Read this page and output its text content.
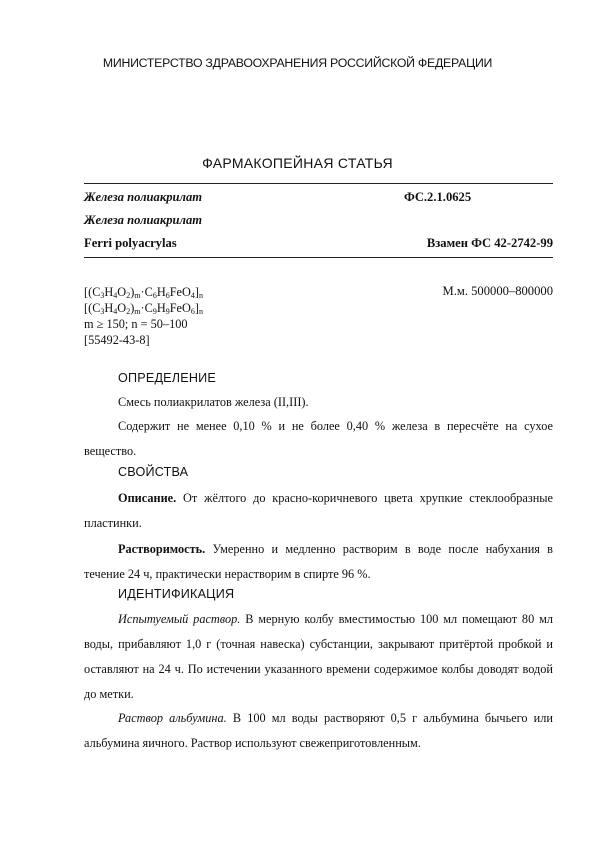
МИНИСТЕРСТВО ЗДРАВООХРАНЕНИЯ РОССИЙСКОЙ ФЕДЕРАЦИИ
ФАРМАКОПЕЙНАЯ СТАТЬЯ
Железа полиакрилат	ФС.2.1.0625
Железа полиакрилат
Ferri polyacrylas	Взамен ФС 42-2742-99
$[(C_3H_4O_2)_m\cdot C_6H_6FeO_4]_n$
$[(C_3H_4O_2)_m\cdot C_9H_9FeO_6]_n$
m ≥ 150; n = 50–100
[55492-43-8]
М.м. 500000–800000
ОПРЕДЕЛЕНИЕ
Смесь полиакрилатов железа (II,III).
Содержит не менее 0,10 % и не более 0,40 % железа в пересчёте на сухое вещество.
СВОЙСТВА
Описание. От жёлтого до красно-коричневого цвета хрупкие стеклообразные пластинки.
Растворимость. Умеренно и медленно растворим в воде после набухания в течение 24 ч, практически нерастворим в спирте 96 %.
ИДЕНТИФИКАЦИЯ
Испытуемый раствор. В мерную колбу вместимостью 100 мл помещают 80 мл воды, прибавляют 1,0 г (точная навеска) субстанции, закрывают притёртой пробкой и оставляют на 24 ч. По истечении указанного времени содержимое колбы доводят водой до метки.
Раствор альбумина. В 100 мл воды растворяют 0,5 г альбумина бычьего или альбумина яичного. Раствор используют свежеприготовленным.
